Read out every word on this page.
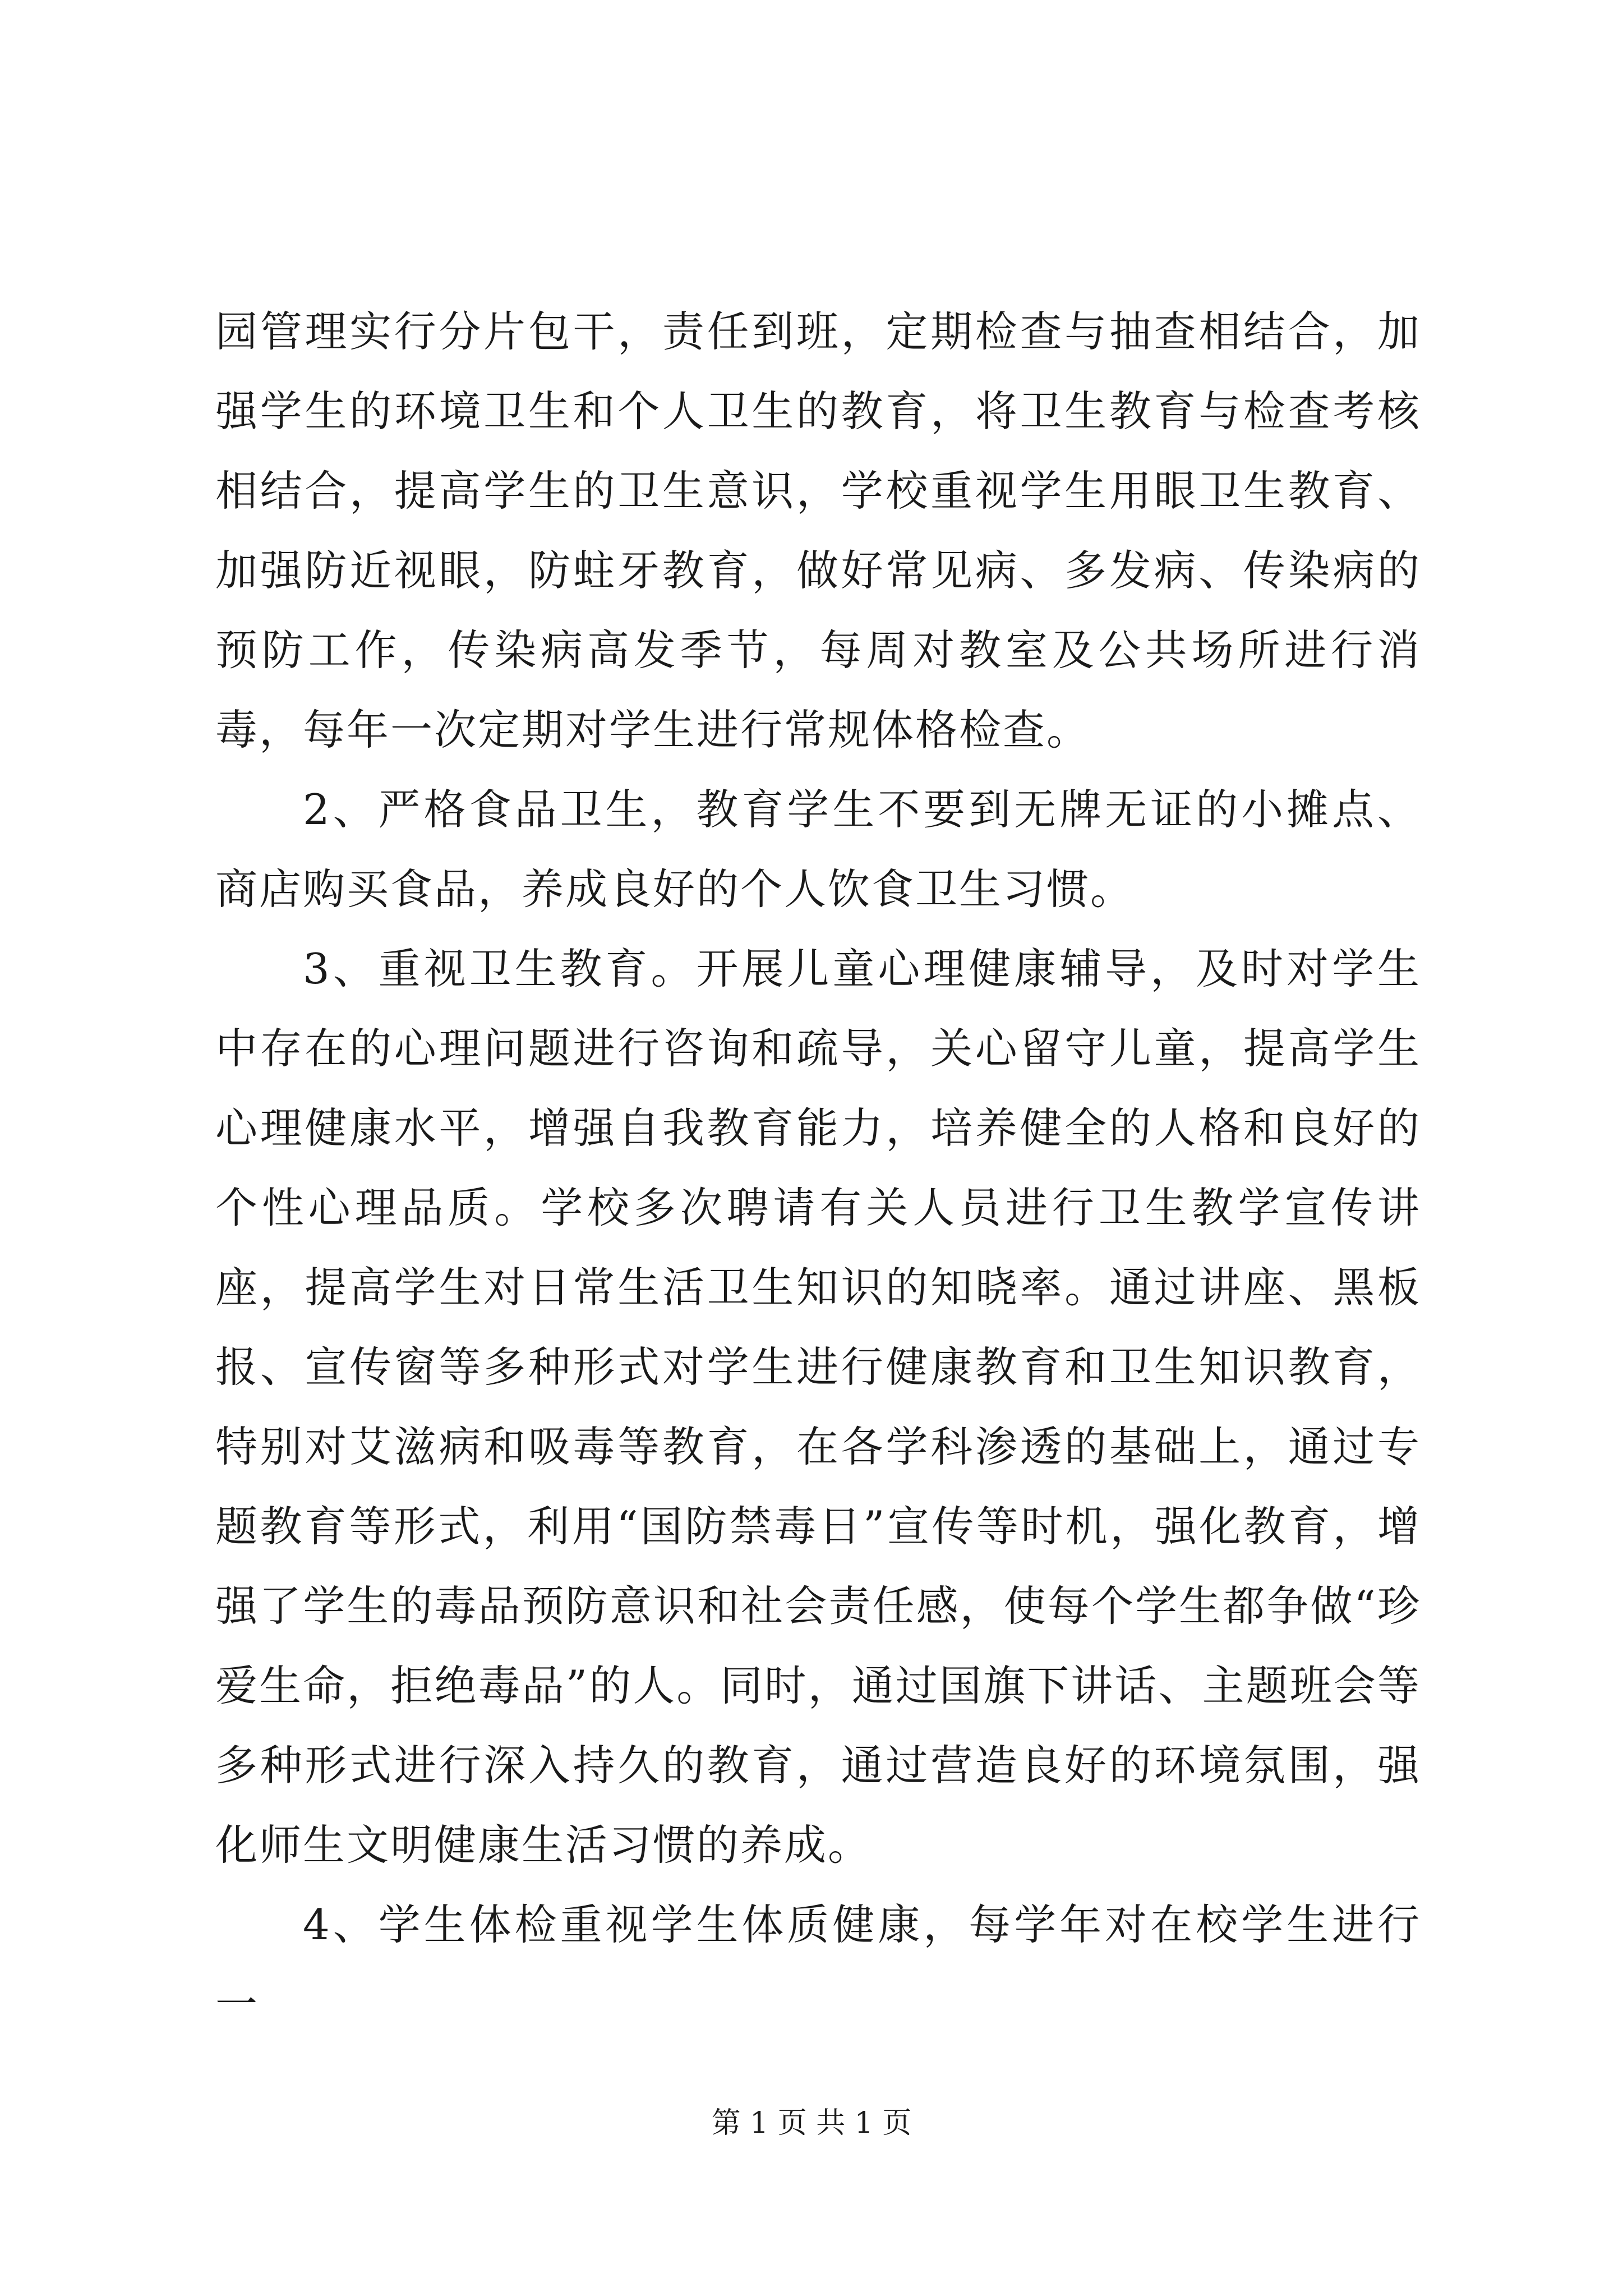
园管理实行分片包干，责任到班，定期检查与抽查相结合，加强学生的环境卫生和个人卫生的教育，将卫生教育与检查考核相结合，提高学生的卫生意识，学校重视学生用眼卫生教育、加强防近视眼，防蛀牙教育，做好常见病、多发病、传染病的预防工作，传染病高发季节，每周对教室及公共场所进行消毒，每年一次定期对学生进行常规体格检查。

2、严格食品卫生，教育学生不要到无牌无证的小摊点、商店购买食品，养成良好的个人饮食卫生习惯。

3、重视卫生教育。开展儿童心理健康辅导，及时对学生中存在的心理问题进行咨询和疏导，关心留守儿童，提高学生心理健康水平，增强自我教育能力，培养健全的人格和良好的个性心理品质。学校多次聘请有关人员进行卫生教学宣传讲座，提高学生对日常生活卫生知识的知晓率。通过讲座、黑板报、宣传窗等多种形式对学生进行健康教育和卫生知识教育，特别对艾滋病和吸毒等教育，在各学科渗透的基础上，通过专题教育等形式，利用“国防禁毒日”宣传等时机，强化教育，增强了学生的毒品预防意识和社会责任感，使每个学生都争做“珍爱生命，拒绝毒品”的人。同时，通过国旗下讲话、主题班会等多种形式进行深入持久的教育，通过营造良好的环境氛围，强化师生文明健康生活习惯的养成。

4、学生体检重视学生体质健康，每学年对在校学生进行一

第 1 页 共 1 页
